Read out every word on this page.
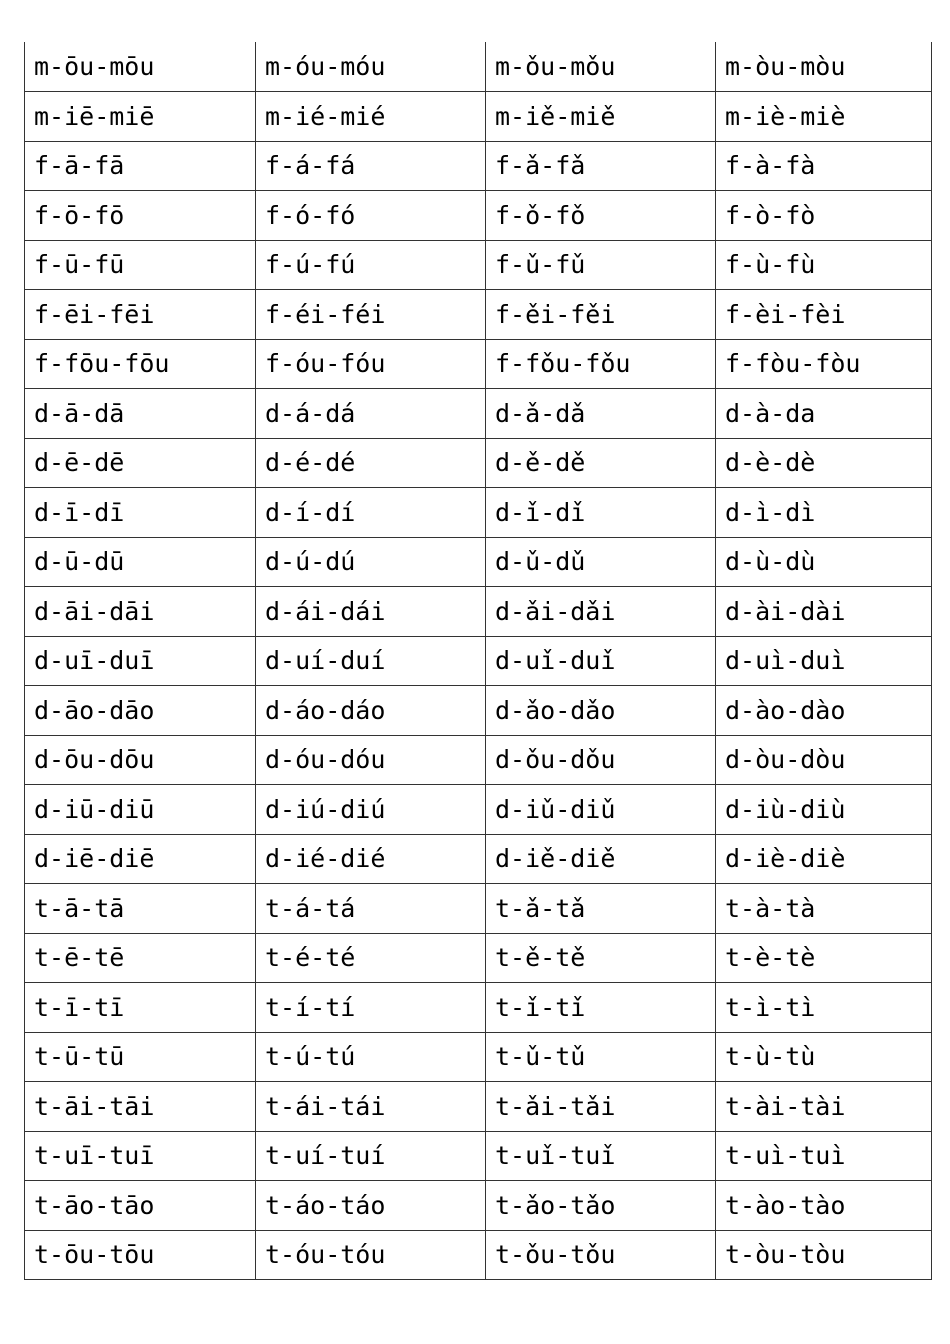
m-ōu-mōu	m-óu-móu	m-ǒu-mǒu	m-òu-mòu
m-iē-miē	m-ié-mié	m-iě-miě	m-iè-miè
f-ā-fā	f-á-fá	f-ǎ-fǎ	f-à-fà
f-ō-fō	f-ó-fó	f-ǒ-fǒ	f-ò-fò
f-ū-fū	f-ú-fú	f-ǔ-fǔ	f-ù-fù
f-ēi-fēi	f-éi-féi	f-ěi-fěi	f-èi-fèi
f-fōu-fōu	f-óu-fóu	f-fǒu-fǒu	f-fòu-fòu
d-ā-dā	d-á-dá	d-ǎ-dǎ	d-à-da
d-ē-dē	d-é-dé	d-ě-dě	d-è-dè
d-ī-dī	d-í-dí	d-ǐ-dǐ	d-ì-dì
d-ū-dū	d-ú-dú	d-ǔ-dǔ	d-ù-dù
d-āi-dāi	d-ái-dái	d-ǎi-dǎi	d-ài-dài
d-uī-duī	d-uí-duí	d-uǐ-duǐ	d-uì-duì
d-āo-dāo	d-áo-dáo	d-ǎo-dǎo	d-ào-dào
d-ōu-dōu	d-óu-dóu	d-ǒu-dǒu	d-òu-dòu
d-iū-diū	d-iú-diú	d-iǔ-diǔ	d-iù-diù
d-iē-diē	d-ié-dié	d-iě-diě	d-iè-diè
t-ā-tā	t-á-tá	t-ǎ-tǎ	t-à-tà
t-ē-tē	t-é-té	t-ě-tě	t-è-tè
t-ī-tī	t-í-tí	t-ǐ-tǐ	t-ì-tì
t-ū-tū	t-ú-tú	t-ǔ-tǔ	t-ù-tù
t-āi-tāi	t-ái-tái	t-ǎi-tǎi	t-ài-tài
t-uī-tuī	t-uí-tuí	t-uǐ-tuǐ	t-uì-tuì
t-āo-tāo	t-áo-táo	t-ǎo-tǎo	t-ào-tào
t-ōu-tōu	t-óu-tóu	t-ǒu-tǒu	t-òu-tòu
